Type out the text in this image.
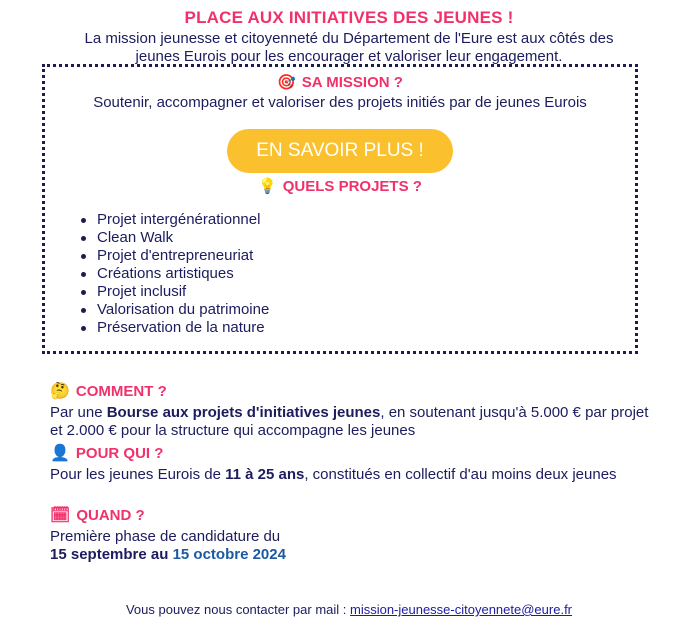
PLACE AUX INITIATIVES DES JEUNES !
La mission jeunesse et citoyenneté du Département de l'Eure est aux côtés des jeunes Eurois pour les encourager et valoriser leur engagement.
🎯 SA MISSION ?
Soutenir, accompagner et valoriser des projets initiés par de jeunes Eurois
EN SAVOIR PLUS !
💡 QUELS PROJETS ?
Projet intergénérationnel
Clean Walk
Projet d'entrepreneuriat
Créations artistiques
Projet inclusif
Valorisation du patrimoine
Préservation de la nature
🤔 COMMENT ?
Par une Bourse aux projets d'initiatives jeunes, en soutenant jusqu'à 5.000 € par projet et 2.000 € pour la structure qui accompagne les jeunes
👤 POUR QUI ?
Pour les jeunes Eurois de 11 à 25 ans, constitués en collectif d'au moins deux jeunes
🗓 QUAND ?
Première phase de candidature du
15 septembre au 15 octobre 2024
Vous pouvez nous contacter par mail : mission-jeunesse-citoyennete@eure.fr
